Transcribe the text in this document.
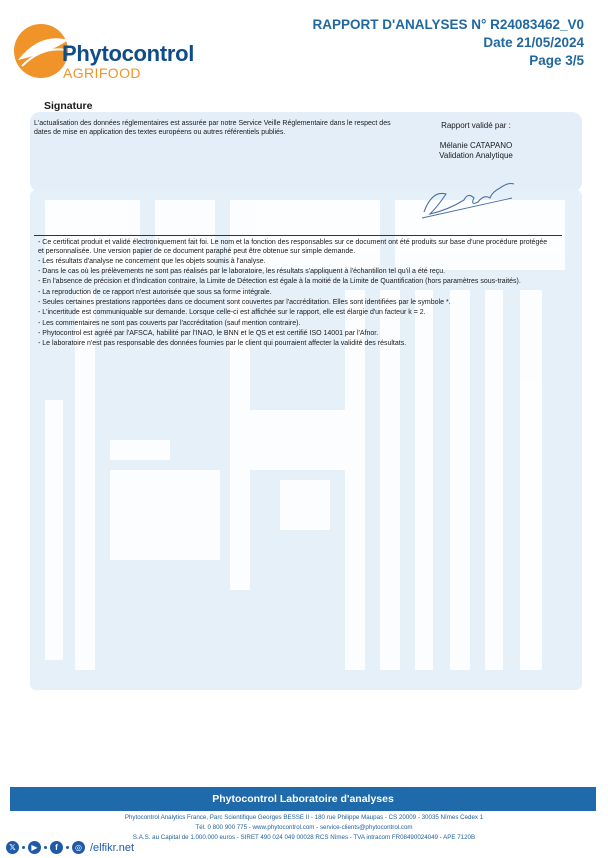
Phytocontrol
AGRIFOOD
RAPPORT D'ANALYSES N° R24083462_V0
Date 21/05/2024
Page 3/5
Signature
L'actualisation des données réglementaires est assurée par notre Service Veille Réglementaire dans le respect des dates de mise en application des textes européens ou autres référentiels publiés.
Rapport validé par :
Mélanie CATAPANO
Validation Analytique
- Ce certificat produit et validé électroniquement fait foi. Le nom et la fonction des responsables sur ce document ont été produits sur base d'une procédure protégée et personnalisée. Une version papier de ce document paraphé peut être obtenue sur simple demande.
- Les résultats d'analyse ne concernent que les objets soumis à l'analyse.
- Dans le cas où les prélèvements ne sont pas réalisés par le laboratoire, les résultats s'appliquent à l'échantillon tel qu'il a été reçu.
- En l'absence de précision et d'indication contraire, la Limite de Détection est égale à la moitié de la Limite de Quantification (hors paramètres sous-traités).
- La reproduction de ce rapport n'est autorisée que sous sa forme intégrale.
- Seules certaines prestations rapportées dans ce document sont couvertes par l'accréditation. Elles sont identifiées par le symbole *.
- L'incertitude est communiquable sur demande. Lorsque celle-ci est affichée sur le rapport, elle est élargie d'un facteur k = 2.
- Les commentaires ne sont pas couverts par l'accréditation (sauf mention contraire).
- Phytocontrol est agréé par l'AFSCA, habilité par l'INAO, le BNN et le QS et est certifié ISO 14001 par l'Afnor.
- Le laboratoire n'est pas responsable des données fournies par le client qui pourraient affecter la validité des résultats.
Phytocontrol Laboratoire d'analyses
Phytocontrol Analytics France, Parc Scientifique Georges BESSE II - 180 rue Philippe Maupas - CS 20009 - 30035 Nîmes Cedex 1
Tél. 0 800 900 775 - www.phytocontrol.com - service-clients@phytocontrol.com
S.A.S. au Capital de 1.000.000 euros - SIRET 490 024 049 00028 RCS Nîmes - TVA intracom FR08490024049 - APE 7120B
𝕏	▶	f	◎ /elfikr.net
